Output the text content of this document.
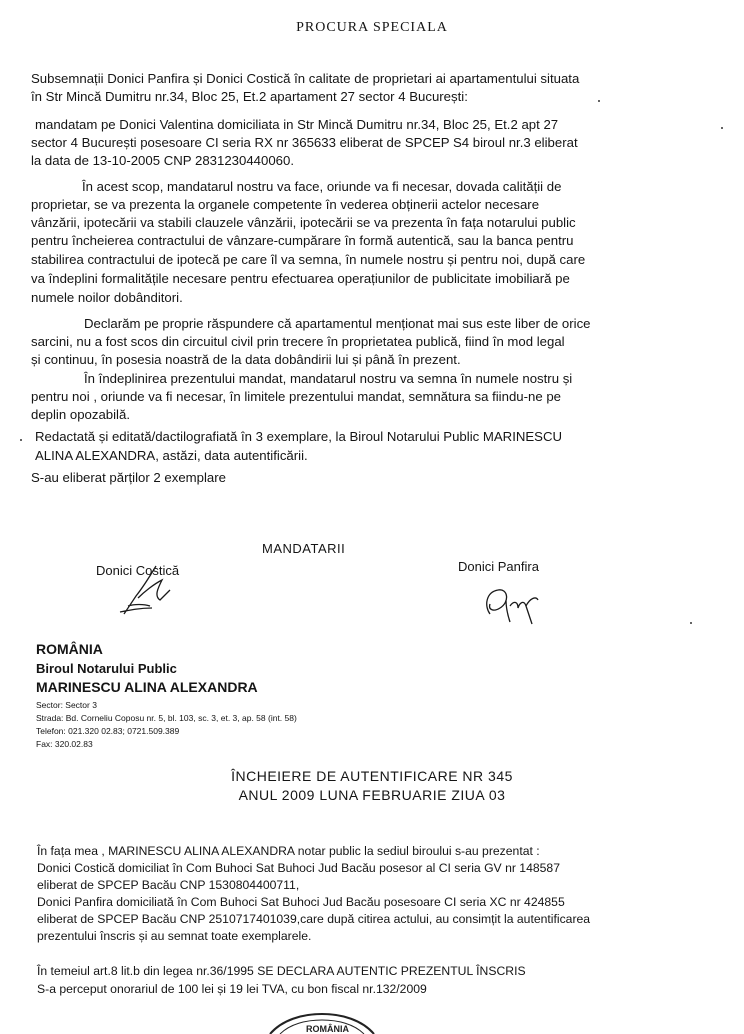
PROCURA SPECIALA
Subsemnații Donici Panfira și Donici Costică în calitate de proprietari ai apartamentului situata
în Str Mincă Dumitru nr.34, Bloc 25, Et.2 apartament 27 sector 4 București:
mandatam pe Donici Valentina domiciliata in Str Mincă Dumitru nr.34, Bloc 25, Et.2 apt 27
sector 4 București posesoare CI seria RX nr 365633 eliberat de SPCEP S4 biroul nr.3 eliberat
la data de 13-10-2005 CNP 2831230440060.
În acest scop, mandatarul nostru va face, oriunde va fi necesar, dovada calității de
proprietar, se va prezenta la organele competente în vederea obținerii actelor necesare
vânzării, ipotecării va stabili clauzele vânzării, ipotecării se va prezenta în fața notarului public
pentru încheierea contractului de vânzare-cumpărare în formă autentică, sau la banca pentru
stabilirea contractului de ipotecă pe care îl va semna, în numele nostru și pentru noi, după care
va îndeplini formalitățile necesare pentru efectuarea operațiunilor de publicitate imobiliară pe
numele noilor dobânditori.
Declarăm pe proprie răspundere că apartamentul menționat mai sus este liber de orice
sarcini, nu a fost scos din circuitul civil prin trecere în proprietatea publică, fiind în mod legal
și continuu, în posesia noastră de la data dobândirii lui și până în prezent.
În îndeplinirea prezentului mandat, mandatarul nostru va semna în numele nostru și
pentru noi , oriunde va fi necesar, în limitele prezentului mandat, semnătura sa fiindu-ne pe
deplin opozabilă.
Redactată și editată/dactilografiată în 3 exemplare, la Biroul Notarului Public MARINESCU
ALINA ALEXANDRA, astăzi, data autentificării.
S-au eliberat părților 2 exemplare
MANDATARII
Donici Costică	Donici Panfira
ROMÂNIA
Biroul Notarului Public
MARINESCU ALINA ALEXANDRA
Sector: Sector 3
Strada: Bd. Corneliu Coposu nr. 5, bl. 103, sc. 3, et. 3, ap. 58 (int. 58)
Telefon: 021.320 02.83; 0721.509.389
Fax: 320.02.83
ÎNCHEIERE DE AUTENTIFICARE NR 345
ANUL 2009 LUNA FEBRUARIE ZIUA 03
În fața mea , MARINESCU ALINA ALEXANDRA notar public la sediul biroului s-au prezentat :
Donici Costică domiciliat în Com Buhoci Sat Buhoci Jud Bacău posesor al CI seria GV nr 148587
eliberat de SPCEP Bacău CNP 1530804400711,
Donici Panfira domiciliată în Com Buhoci Sat Buhoci Jud Bacău posesoare CI seria XC nr 424855
eliberat de SPCEP Bacău CNP 2510717401039,care după citirea actului, au consimțit la autentificarea
prezentului înscris și au semnat toate exemplarele.
În temeiul art.8 lit.b din legea nr.36/1995 SE DECLARA AUTENTIC PREZENTUL ÎNSCRIS
S-a perceput onorariul de 100 lei și 19 lei TVA, cu bon fiscal nr.132/2009
ROMÂNIA
